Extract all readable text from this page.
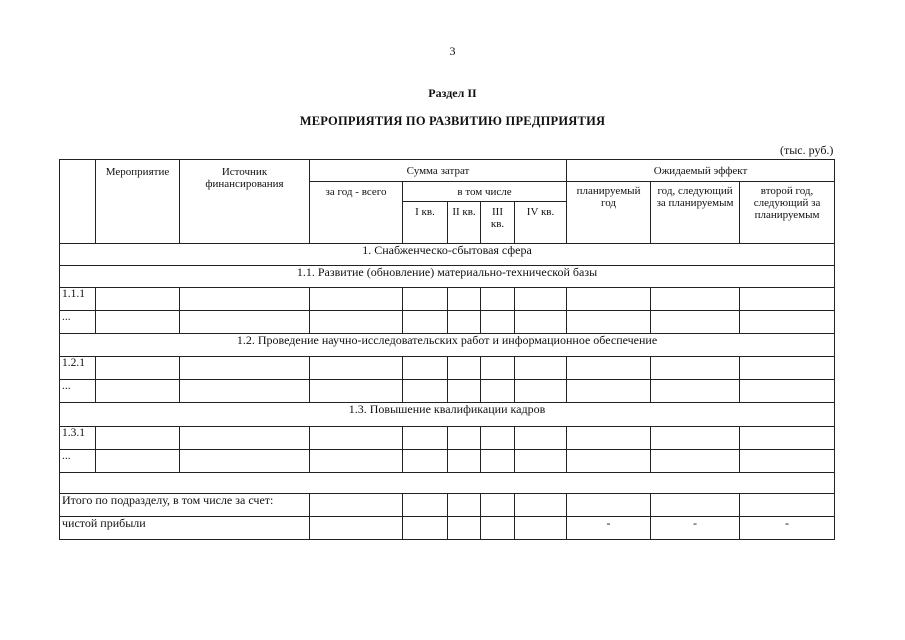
3
Раздел II
МЕРОПРИЯТИЯ ПО РАЗВИТИЮ ПРЕДПРИЯТИЯ
(тыс. руб.)
	Мероприятие	Источник финансирования	Сумма затрат					Ожидаемый эффект		
			за год - всего	в том числе				планируемый год	год, следующий за планируемым	второй год, следующий за планируемым
				I кв.	II кв.	III кв.	IV кв.			
1. Снабженческо-сбытовая сфера										
1.1. Развитие (обновление) материально-технической базы										
1.1.1										
...										
1.2. Проведение научно-исследовательских работ и информационное обеспечение										
1.2.1										
...										
1.3. Повышение квалификации кадров										
1.3.1										
...										

Итого по подразделу, в том числе за счет:										
чистой прибыли								-	-	-
